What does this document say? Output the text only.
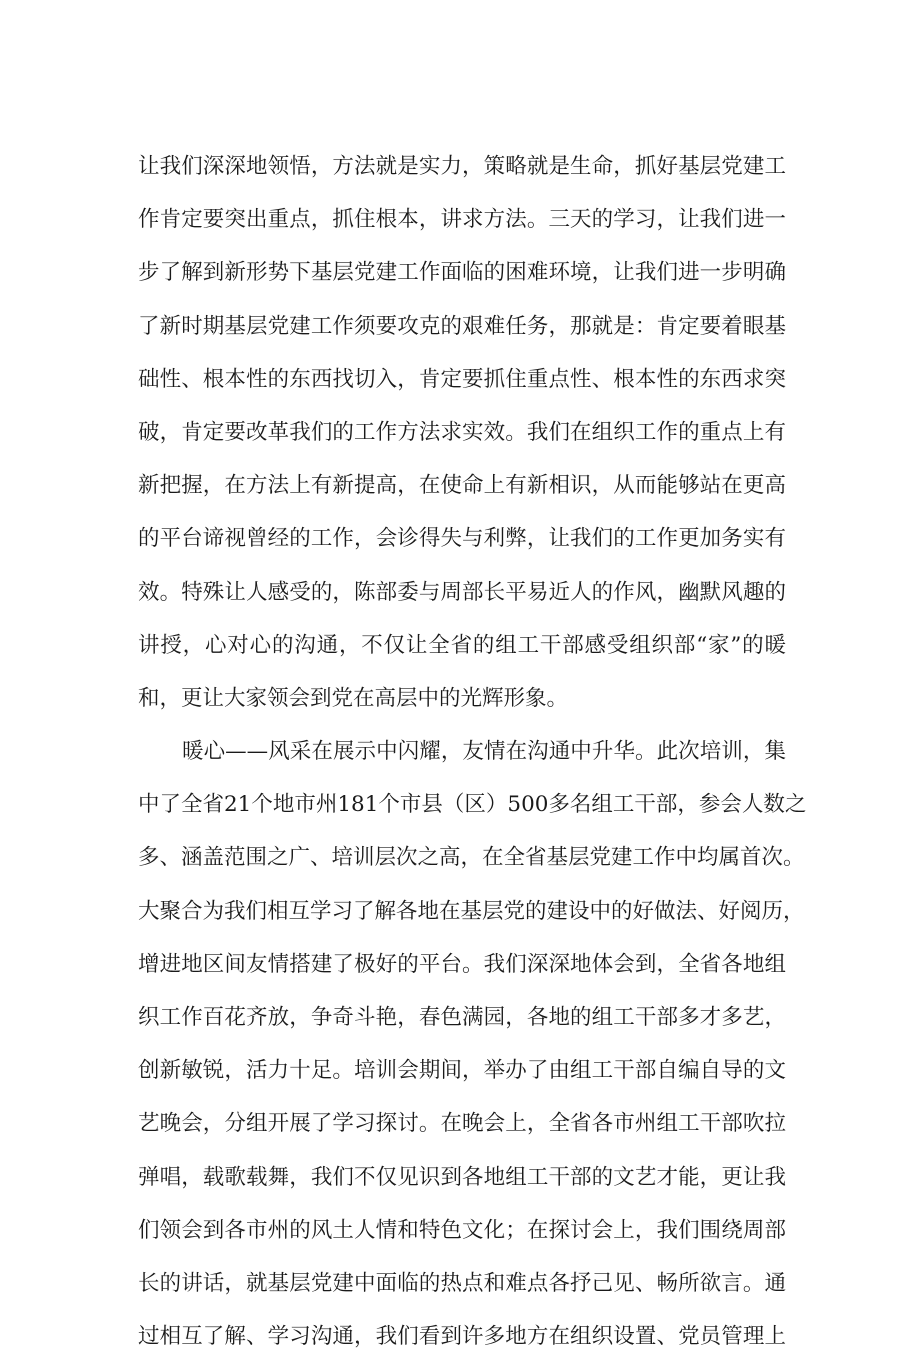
让我们深深地领悟，方法就是实力，策略就是生命，抓好基层党建工
作肯定要突出重点，抓住根本，讲求方法。三天的学习，让我们进一
步了解到新形势下基层党建工作面临的困难环境，让我们进一步明确
了新时期基层党建工作须要攻克的艰难任务，那就是：肯定要着眼基
础性、根本性的东西找切入，肯定要抓住重点性、根本性的东西求突
破，肯定要改革我们的工作方法求实效。我们在组织工作的重点上有
新把握，在方法上有新提高，在使命上有新相识，从而能够站在更高
的平台谛视曾经的工作，会诊得失与利弊，让我们的工作更加务实有
效。特殊让人感受的，陈部委与周部长平易近人的作风，幽默风趣的
讲授，心对心的沟通，不仅让全省的组工干部感受组织部“家”的暖
和，更让大家领会到党在高层中的光辉形象。
暖心——风采在展示中闪耀，友情在沟通中升华。此次培训，集
中了全省21个地市州181个市县（区）500多名组工干部，参会人数之
多、涵盖范围之广、培训层次之高，在全省基层党建工作中均属首次。
大聚合为我们相互学习了解各地在基层党的建设中的好做法、好阅历，
增进地区间友情搭建了极好的平台。我们深深地体会到，全省各地组
织工作百花齐放，争奇斗艳，春色满园，各地的组工干部多才多艺，
创新敏锐，活力十足。培训会期间，举办了由组工干部自编自导的文
艺晚会，分组开展了学习探讨。在晚会上，全省各市州组工干部吹拉
弹唱，载歌载舞，我们不仅见识到各地组工干部的文艺才能，更让我
们领会到各市州的风土人情和特色文化；在探讨会上，我们围绕周部
长的讲话，就基层党建中面临的热点和难点各抒己见、畅所欲言。通
过相互了解、学习沟通，我们看到许多地方在组织设置、党员管理上
